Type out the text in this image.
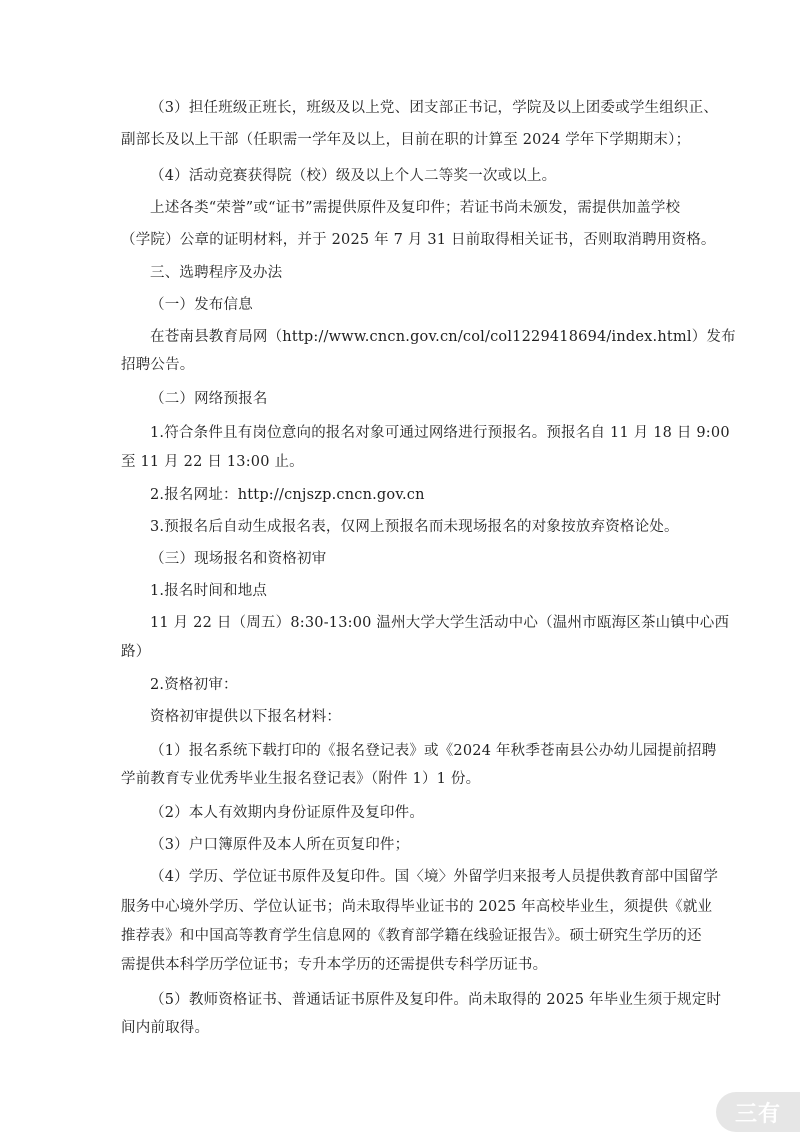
（3）担任班级正班长，班级及以上党、团支部正书记，学院及以上团委或学生组织正、
副部长及以上干部（任职需一学年及以上，目前在职的计算至 2024 学年下学期期末）；
（4）活动竞赛获得院（校）级及以上个人二等奖一次或以上。
上述各类“荣誉”或“证书”需提供原件及复印件；若证书尚未颁发，需提供加盖学校
（学院）公章的证明材料，并于 2025 年 7 月 31 日前取得相关证书，否则取消聘用资格。
三、选聘程序及办法
（一）发布信息
在苍南县教育局网（http://www.cncn.gov.cn/col/col1229418694/index.html）发布
招聘公告。
（二）网络预报名
1.符合条件且有岗位意向的报名对象可通过网络进行预报名。预报名自 11 月 18 日 9:00
至 11 月 22 日 13:00 止。
2.报名网址：http://cnjszp.cncn.gov.cn
3.预报名后自动生成报名表，仅网上预报名而未现场报名的对象按放弃资格论处。
（三）现场报名和资格初审
1.报名时间和地点
11 月 22 日（周五）8:30-13:00 温州大学大学生活动中心（温州市瓯海区茶山镇中心西
路）
2.资格初审：
资格初审提供以下报名材料：
（1）报名系统下载打印的《报名登记表》或《2024 年秋季苍南县公办幼儿园提前招聘
学前教育专业优秀毕业生报名登记表》（附件 1）1 份。
（2）本人有效期内身份证原件及复印件。
（3）户口簿原件及本人所在页复印件；
（4）学历、学位证书原件及复印件。国〈境〉外留学归来报考人员提供教育部中国留学
服务中心境外学历、学位认证书；尚未取得毕业证书的 2025 年高校毕业生，须提供《就业
推荐表》和中国高等教育学生信息网的《教育部学籍在线验证报告》。硕士研究生学历的还
需提供本科学历学位证书；专升本学历的还需提供专科学历证书。
（5）教师资格证书、普通话证书原件及复印件。尚未取得的 2025 年毕业生须于规定时
间内前取得。
三有
